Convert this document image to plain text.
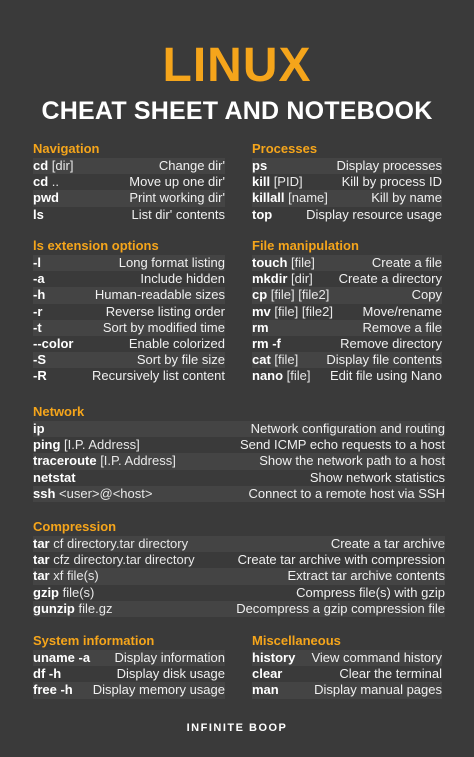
LINUX
CHEAT SHEET AND NOTEBOOK
Navigation
cd [dir]	Change dir'
cd ..	Move up one dir'
pwd	Print working dir'
ls	List dir' contents
Processes
ps	Display processes
kill [PID]	Kill by process ID
killall [name]	Kill by name
top	Display resource usage
ls extension options
-l	Long format listing
-a	Include hidden
-h	Human-readable sizes
-r	Reverse listing order
-t	Sort by modified time
--color	Enable colorized
-S	Sort by file size
-R	Recursively list content
File manipulation
touch [file]	Create a file
mkdir [dir]	Create a directory
cp [file] [file2]	Copy
mv [file] [file2]	Move/rename
rm	Remove a file
rm -f	Remove directory
cat [file]	Display file contents
nano [file]	Edit file using Nano
Network
ip	Network configuration and routing
ping [I.P. Address]	Send ICMP echo requests to a host
traceroute [I.P. Address]	Show the network path to a host
netstat	Show network statistics
ssh <user>@<host>	Connect to a remote host via SSH
Compression
tar cf directory.tar directory	Create a tar archive
tar cfz directory.tar directory	Create tar archive with compression
tar xf file(s)	Extract tar archive contents
gzip file(s)	Compress file(s) with gzip
gunzip file.gz	Decompress a gzip compression file
System information
uname -a	Display information
df -h	Display disk usage
free -h	Display memory usage
Miscellaneous
history	View command history
clear	Clear the terminal
man	Display manual pages
INFINITE BOOP
